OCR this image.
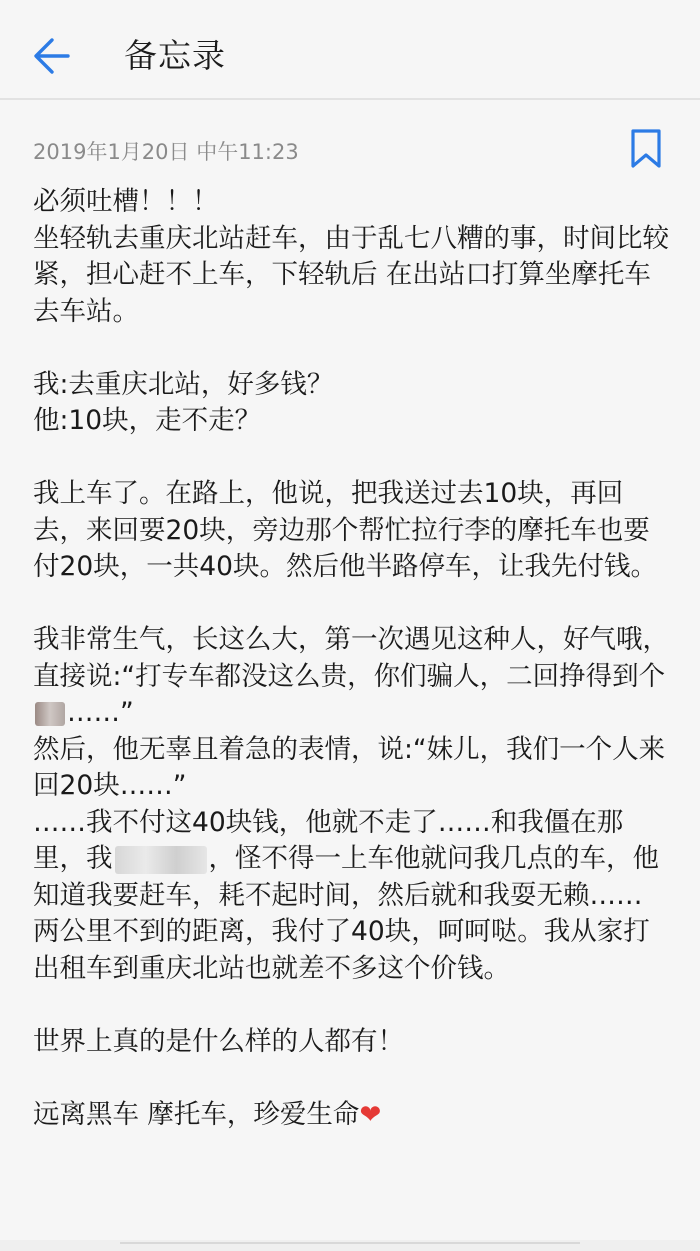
备忘录
2019年1月20日 中午11:23

必须吐槽！！！
坐轻轨去重庆北站赶车，由于乱七八糟的事，时间比较紧，担心赶不上车，下轻轨后 在出站口打算坐摩托车去车站。

我:去重庆北站，好多钱？
他:10块，走不走？

我上车了。在路上，他说，把我送过去10块，再回去，来回要20块，旁边那个帮忙拉行李的摩托车也要付20块，一共40块。然后他半路停车，让我先付钱。

我非常生气，长这么大，第一次遇见这种人，好气哦，直接说:“打专车都没这么贵，你们骗人，二回挣得到个……”
然后，他无辜且着急的表情，说:“妹儿，我们一个人来回20块……”
……我不付这40块钱，他就不走了……和我僵在那里，我	，怪不得一上车他就问我几点的车，他知道我要赶车，耗不起时间，然后就和我耍无赖……
两公里不到的距离，我付了40块，呵呵哒。我从家打出租车到重庆北站也就差不多这个价钱。

世界上真的是什么样的人都有！

远离黑车 摩托车，珍爱生命❤
